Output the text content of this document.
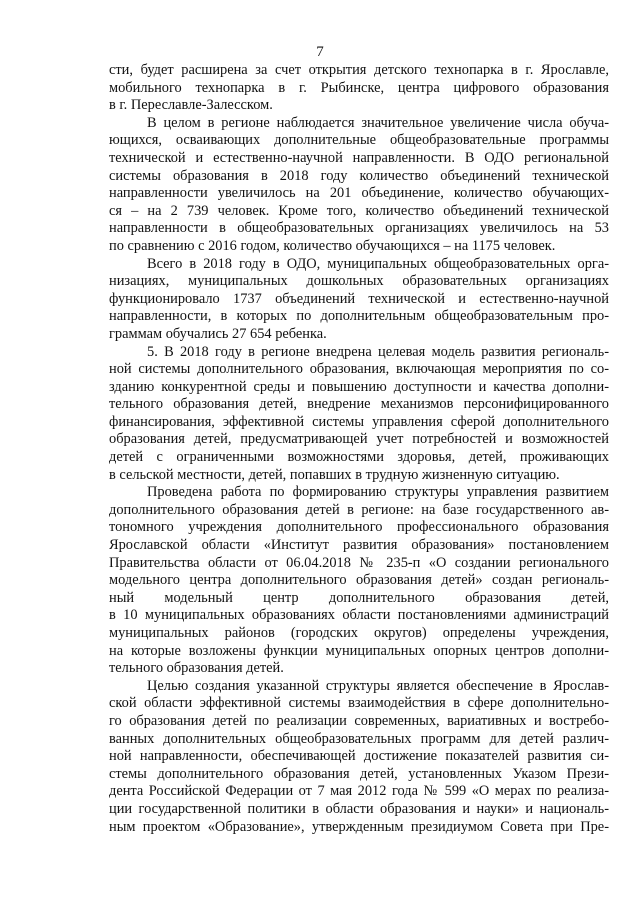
7
сти, будет расширена за счет открытия детского технопарка в г. Ярославле,
мобильного технопарка в г. Рыбинске, центра цифрового образования
в г. Переславле-Залесском.
В целом в регионе наблюдается значительное увеличение числа обуча-
ющихся, осваивающих дополнительные общеобразовательные программы
технической и естественно-научной направленности. В ОДО региональной
системы образования в 2018 году количество объединений технической
направленности увеличилось на 201 объединение, количество обучающих-
ся – на 2 739 человек. Кроме того, количество объединений технической
направленности в общеобразовательных организациях увеличилось на 53
по сравнению с 2016 годом, количество обучающихся – на 1175 человек.
Всего в 2018 году в ОДО, муниципальных общеобразовательных орга-
низациях, муниципальных дошкольных образовательных организациях
функционировало 1737 объединений технической и естественно-научной
направленности, в которых по дополнительным общеобразовательным про-
граммам обучались 27 654 ребенка.
5. В 2018 году в регионе внедрена целевая модель развития региональ-
ной системы дополнительного образования, включающая мероприятия по со-
зданию конкурентной среды и повышению доступности и качества дополни-
тельного образования детей, внедрение механизмов персонифицированного
финансирования, эффективной системы управления сферой дополнительного
образования детей, предусматривающей учет потребностей и возможностей
детей с ограниченными возможностями здоровья, детей, проживающих
в сельской местности, детей, попавших в трудную жизненную ситуацию.
Проведена работа по формированию структуры управления развитием
дополнительного образования детей в регионе: на базе государственного ав-
тономного учреждения дополнительного профессионального образования
Ярославской области «Институт развития образования» постановлением
Правительства области от 06.04.2018 № 235-п «О создании регионального
модельного центра дополнительного образования детей» создан региональ-
ный модельный центр дополнительного образования детей,
в 10 муниципальных образованиях области постановлениями администраций
муниципальных районов (городских округов) определены учреждения,
на которые возложены функции муниципальных опорных центров дополни-
тельного образования детей.
Целью создания указанной структуры является обеспечение в Ярослав-
ской области эффективной системы взаимодействия в сфере дополнительно-
го образования детей по реализации современных, вариативных и востребо-
ванных дополнительных общеобразовательных программ для детей различ-
ной направленности, обеспечивающей достижение показателей развития си-
стемы дополнительного образования детей, установленных Указом Прези-
дента Российской Федерации от 7 мая 2012 года № 599 «О мерах по реализа-
ции государственной политики в области образования и науки» и националь-
ным проектом «Образование», утвержденным президиумом Совета при Пре-
